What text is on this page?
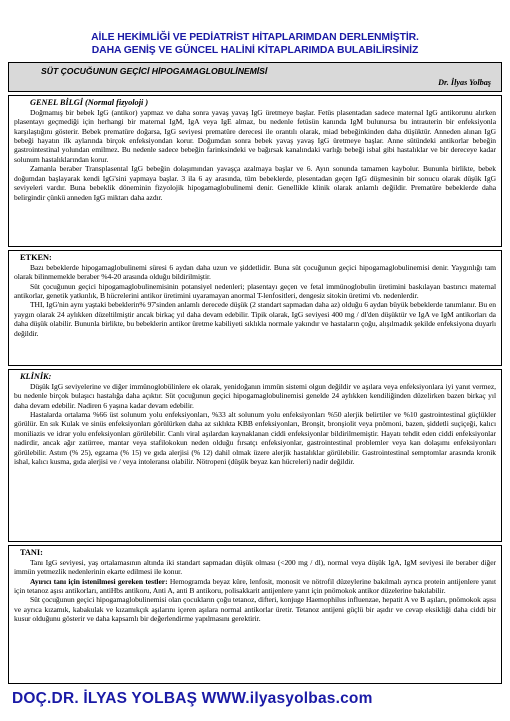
AİLE HEKİMLİĞİ VE PEDİATRİST HİTAPLARIMDAN DERLENMİŞTİR.
DAHA GENİŞ VE GÜNCEL HALİNİ KİTAPLARIMDA BULABİLİRSİNİZ
SÜT ÇOCUĞUNUN GEÇİCİ HİPOGAMAGLOBULİNEMİSİ
Dr. İlyas Yolbaş
GENEL BİLGİ (Normal fizyoloji )

Doğmamış bir bebek IgG (antikor) yapmaz ve daha sonra yavaş yavaş IgG üretmeye başlar. Fetüs plasentadan sadece maternal IgG antikorunu alırken plasentayı geçmediği için herhangi bir maternal IgM, IgA veya IgE almaz, bu nedenle fetüsün kanında IgM bulunursa bu intrauterin bir enfeksiyonla karşılaştığını gösterir. Bebek prematüre doğarsa, IgG seviyesi prematüre derecesi ile orantılı olarak, miad bebeğinkinden daha düşüktür. Anneden alınan IgG bebeği hayatın ilk aylarında birçok enfeksiyondan korur. Doğumdan sonra bebek yavaş yavaş IgG üretmeye başlar. Anne sütündeki antikorlar bebeğin gastrointestinal yolundan emilmez. Bu nedenle sadece bebeğin farinksindeki ve bağırsak kanalındaki varlığı bebeği isbal gibi hastalıklar ve bir dereceye kadar solunum hastalıklarından korur.

Zamanla beraber Transplasental IgG bebeğin dolaşımından yavaşça azalmaya başlar ve 6. Ayın sonunda tamamen kaybolur. Bununla birlikte, bebek doğumdan başlayarak kendi IgG'sini yapmaya başlar. 3 ila 6 ay arasında, tüm bebeklerde, plesentadan geçen IgG düşmesinin bir sonucu olarak düşük IgG seviyeleri vardır. Buna bebeklik döneminin fizyolojik hipogamaglobulinemi denir. Genellikle klinik olarak anlamlı değildir. Prematüre bebeklerde daha belirgindir çünkü anneden IgG miktarı daha azdır.

ETKEN:

Bazı bebeklerde hipogamaglobulinemi süresi 6 aydan daha uzun ve şiddetlidir. Buna süt çocuğunun geçici hipogamaglobulinemisi denir. Yaygınlığı tam olarak bilinmemekle beraber %4-20 arasında olduğu bildirilmiştir.

Süt çocuğunun geçici hipogamaglobulinemisinin potansiyel nedenleri; plasentayı geçen ve fetal immünoglobulin üretimini baskılayan bastırıcı maternal antikorlar, genetik yatkınlık, B hücrelerini antikor üretimini uyaramayan anormal T-lenfositleri, dengesiz sitokin üretimi vb. nedenlerdir.

THI, IgG'nin aynı yaştaki bebeklerin% 97'sinden anlamlı derecede düşük (2 standart sapmadan daha az) olduğu 6 aydan büyük bebeklerde tanımlanır. Bu en yaygın olarak 24 aylıkken düzeltilmiştir ancak birkaç yıl daha devam edebilir. Tipik olarak, IgG seviyesi 400 mg / dl'den düşüktür ve IgA ve IgM antikorları da daha düşük olabilir. Bununla birlikte, bu bebeklerin antikor üretme kabiliyeti sıklıkla normale yakındır ve hastaların çoğu, alışılmadık şekilde enfeksiyona duyarlı değildir.

KLİNİK:

Düşük IgG seviyelerine ve diğer immünoglobülinlere ek olarak, yenidoğanın immün sistemi olgun değildir ve aşılara veya enfeksiyonlara iyi yanıt vermez, bu nedenle birçok bulaşıcı hastalığa daha açıktır. Süt çocuğunun geçici hipogamaglobulinemisi genelde 24 aylıkken kendiliğinden düzelirken bazen birkaç yıl daha devam edebilir. Nadiren 6 yaşına kadar devam edebilir.

Hastalarda ortalama %66 üst solunum yolu enfeksiyonları, %33 alt solunum yolu enfeksiyonları %50 alerjik belirtiler ve %10 gastrointestinal güçlükler görülür. En sık Kulak ve sinüs enfeksiyonları görülürken daha az sıklıkta KBB enfeksiyonları, Bronşit, bronşiolit veya pnömoni, bazen, şiddetli suçiçeği, kalıcı moniliazis ve idrar yolu enfeksiyonları görülebilir. Canlı viral aşılardan kaynaklanan ciddi enfeksiyonlar bildirilmemiştir. Hayatı tehdit eden ciddi enfeksiyonlar nadirdir, ancak ağır zatürree, mantar veya stafilokokun neden olduğu fırsatçı enfeksiyonlar, gastrointestinal problemler veya kan dolaşımı enfeksiyonları görülebilir. Astım (% 25), egzama (% 15) ve gıda alerjisi (% 12) dahil olmak üzere alerjik hastalıklar görülebilir. Gastrointestinal semptomlar arasında kronik ishal, kalıcı kusma, gıda alerjisi ve / veya intoleransı olabilir. Nötropeni (düşük beyaz kan hücreleri) nadir değildir.

TANI:

Tanı IgG seviyesi, yaş ortalamasının altında iki standart sapmadan düşük olması (<200 mg / dl), normal veya düşük IgA, IgM seviyesi ile beraber diğer immün yetmezlik nedenlerinin ekarte edilmesi ile konur.

Ayırıcı tanı için istenilmesi gereken testler: Hemogramda beyaz küre, lenfosit, monosit ve nötrofil düzeylerine bakılmalı ayrıca protein antijenlere yanıt için tetanoz aşısı antikorları, antiHbs antikoru, Anti A, anti B antikoru, polisakkarit antijenlere yanıt için pnömokok antikor düzelerine bakılabilir.

Süt çocuğunun geçici hipogamaglobulinemisi olan çocukların çoğu tetanoz, difteri, konjuge Haemophilus influenzae, hepatit A ve B aşıları, pnömokok aşısı ve ayrıca kızamık, kabakulak ve kızamıkçık aşılarını içeren aşılara normal antikorlar üretir. Tetanoz antijeni güçlü bir aşıdır ve cevap eksikliği daha ciddi bir kusur olduğunu gösterir ve daha kapsamlı bir değerlendirme yapılmasını gerektirir.

DOÇ.DR. İLYAS YOLBAŞ WWW.ilyasyolbas.com
